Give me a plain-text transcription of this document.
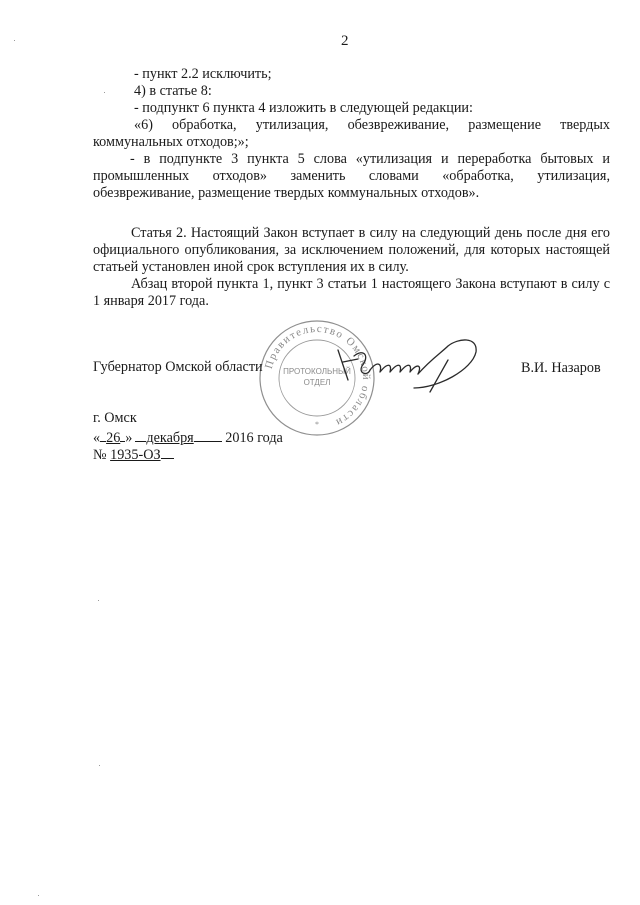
2
- пункт 2.2 исключить;
4) в статье 8:
- подпункт 6 пункта 4 изложить в следующей редакции:
«6) обработка, утилизация, обезвреживание, размещение твердых коммунальных отходов;»;
- в подпункте 3 пункта 5 слова «утилизация и переработка бытовых и промышленных отходов» заменить словами «обработка, утилизация, обезвреживание, размещение твердых коммунальных отходов».
Статья 2. Настоящий Закон вступает в силу на следующий день после дня его официального опубликования, за исключением положений, для которых настоящей статьей установлен иной срок вступления их в силу.
Абзац второй пункта 1, пункт 3 статьи 1 настоящего Закона вступают в силу с 1 января 2017 года.
Правительство Омской области
ПРОТОКОЛЬНЫЙ
ОТДЕЛ
*
Губернатор Омской области	В.И. Назаров
г. Омск
« 26 » декабря 2016 года
№ 1935-ОЗ
